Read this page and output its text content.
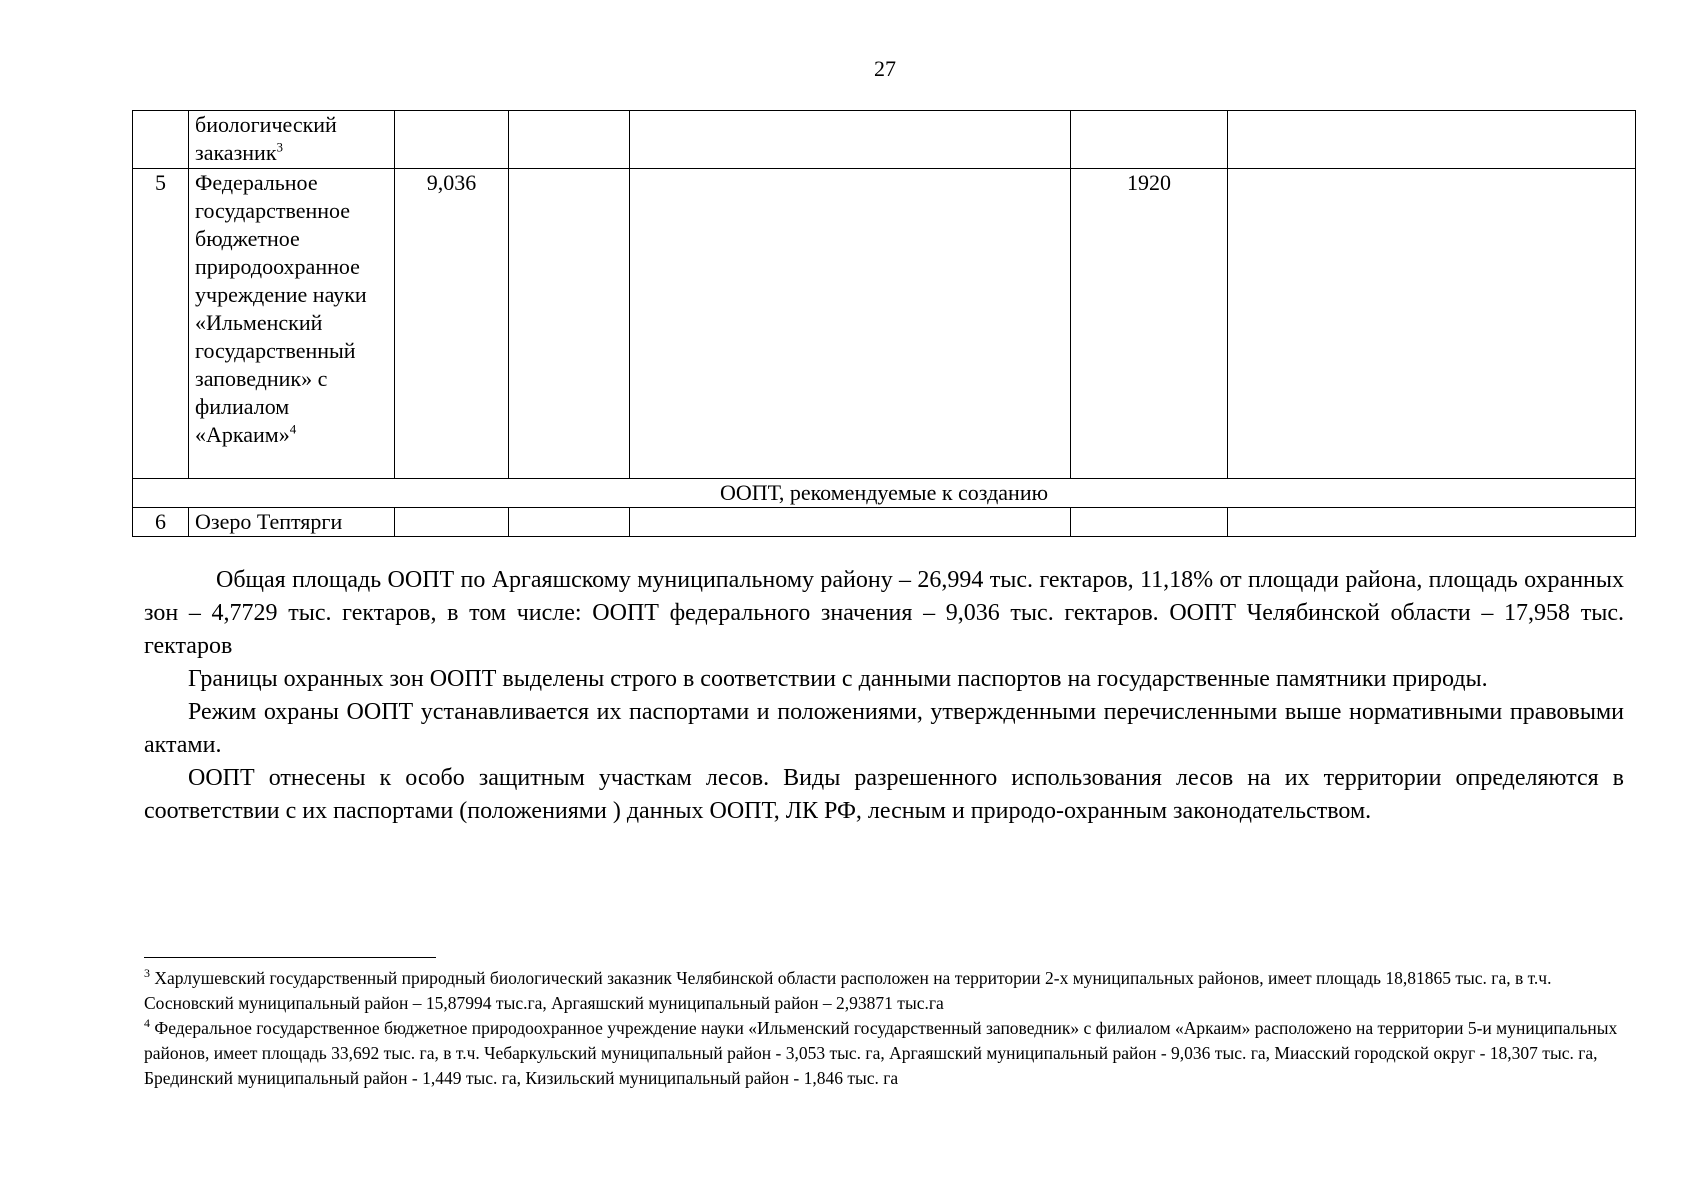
27
	биологический заказник$^3$					
5	Федеральное государственное бюджетное природоохранное учреждение науки «Ильменский государственный заповедник» с филиалом «Аркаим»$^4$	9,036			1920	
ООПТ, рекомендуемые к созданию						
6	Озеро Тептярги					

Общая площадь ООПТ по Аргаяшскому муниципальному району – 26,994 тыс. гектаров, 11,18% от площади района, площадь охранных зон – 4,7729 тыс. гектаров, в том числе: ООПТ федерального значения – 9,036 тыс. гектаров. ООПТ Челябинской области – 17,958 тыс. гектаров

Границы охранных зон ООПТ выделены строго в соответствии с данными паспортов на государственные памятники природы.

Режим охраны ООПТ устанавливается их паспортами и положениями, утвержденными перечисленными выше нормативными правовыми актами.

ООПТ отнесены к особо защитным участкам лесов. Виды разрешенного использования лесов на их территории определяются в соответствии с их паспортами (положениями ) данных ООПТ, ЛК РФ, лесным и природо-охранным законодательством.

$^3$ Харлушевский государственный природный биологический заказник Челябинской области расположен на территории 2-х муниципальных районов, имеет площадь 18,81865 тыс. га, в т.ч. Сосновский муниципальный район – 15,87994 тыс.га, Аргаяшский муниципальный район – 2,93871 тыс.га

$^4$ Федеральное государственное бюджетное природоохранное учреждение науки «Ильменский государственный заповедник» с филиалом «Аркаим» расположено на территории 5-и муниципальных районов, имеет площадь 33,692 тыс. га, в т.ч. Чебаркульский муниципальный район - 3,053 тыс. га, Аргаяшский муниципальный район - 9,036 тыс. га, Миасский городской округ - 18,307 тыс. га, Брединский муниципальный район - 1,449 тыс. га, Кизильский муниципальный район - 1,846 тыс. га
